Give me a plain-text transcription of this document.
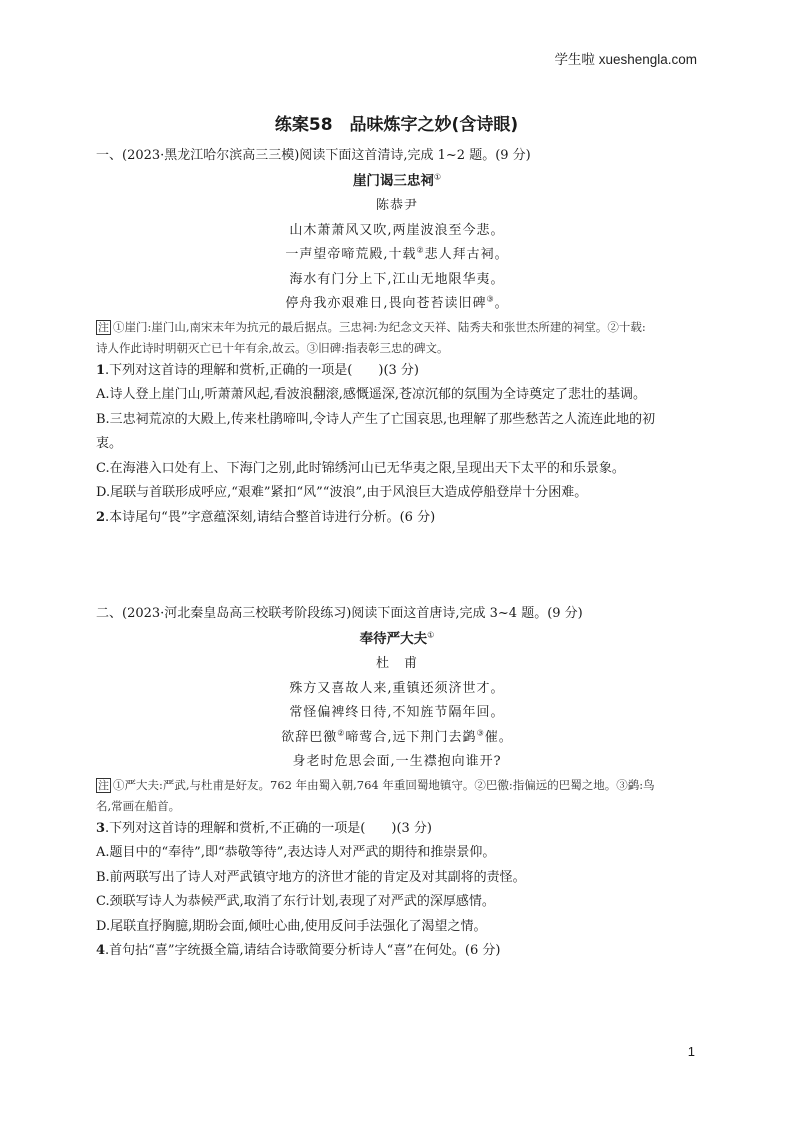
学生啦 xueshengla.com
练案58　品味炼字之妙(含诗眼)
一、(2023·黑龙江哈尔滨高三三模)阅读下面这首清诗,完成 1~2 题。(9 分)
崖门谒三忠祠①
陈恭尹
山木萧萧风又吹,两崖波浪至今悲。
一声望帝啼荒殿,十载②悲人拜古祠。
海水有门分上下,江山无地限华夷。
停舟我亦艰难日,畏向苍苔读旧碑③。
注 ①崖门:崖门山,南宋末年为抗元的最后据点。三忠祠:为纪念文天祥、陆秀夫和张世杰所建的祠堂。②十载:
诗人作此诗时明朝灭亡已十年有余,故云。③旧碑:指表彰三忠的碑文。
1.下列对这首诗的理解和赏析,正确的一项是(　　)(3 分)
A.诗人登上崖门山,听萧萧风起,看波浪翻滚,感慨遥深,苍凉沉郁的氛围为全诗奠定了悲壮的基调。
B.三忠祠荒凉的大殿上,传来杜鹃啼叫,令诗人产生了亡国哀思,也理解了那些愁苦之人流连此地的初
衷。
C.在海港入口处有上、下海门之别,此时锦绣河山已无华夷之限,呈现出天下太平的和乐景象。
D.尾联与首联形成呼应,“艰难”紧扣“风”“波浪”,由于风浪巨大造成停船登岸十分困难。
2.本诗尾句“畏”字意蕴深刻,请结合整首诗进行分析。(6 分)
二、(2023·河北秦皇岛高三校联考阶段练习)阅读下面这首唐诗,完成 3~4 题。(9 分)
奉待严大夫①
杜　甫
殊方又喜故人来,重镇还须济世才。
常怪偏裨终日待,不知旌节隔年回。
欲辞巴徼②啼莺合,远下荆门去鹢③催。
身老时危思会面,一生襟抱向谁开?
注 ①严大夫:严武,与杜甫是好友。762 年由蜀入朝,764 年重回蜀地镇守。②巴徼:指偏远的巴蜀之地。③鹢:鸟
名,常画在船首。
3.下列对这首诗的理解和赏析,不正确的一项是(　　)(3 分)
A.题目中的“奉待”,即“恭敬等待”,表达诗人对严武的期待和推崇景仰。
B.前两联写出了诗人对严武镇守地方的济世才能的肯定及对其副将的责怪。
C.颈联写诗人为恭候严武,取消了东行计划,表现了对严武的深厚感情。
D.尾联直抒胸臆,期盼会面,倾吐心曲,使用反问手法强化了渴望之情。
4.首句拈“喜”字统摄全篇,请结合诗歌简要分析诗人“喜”在何处。(6 分)
1
